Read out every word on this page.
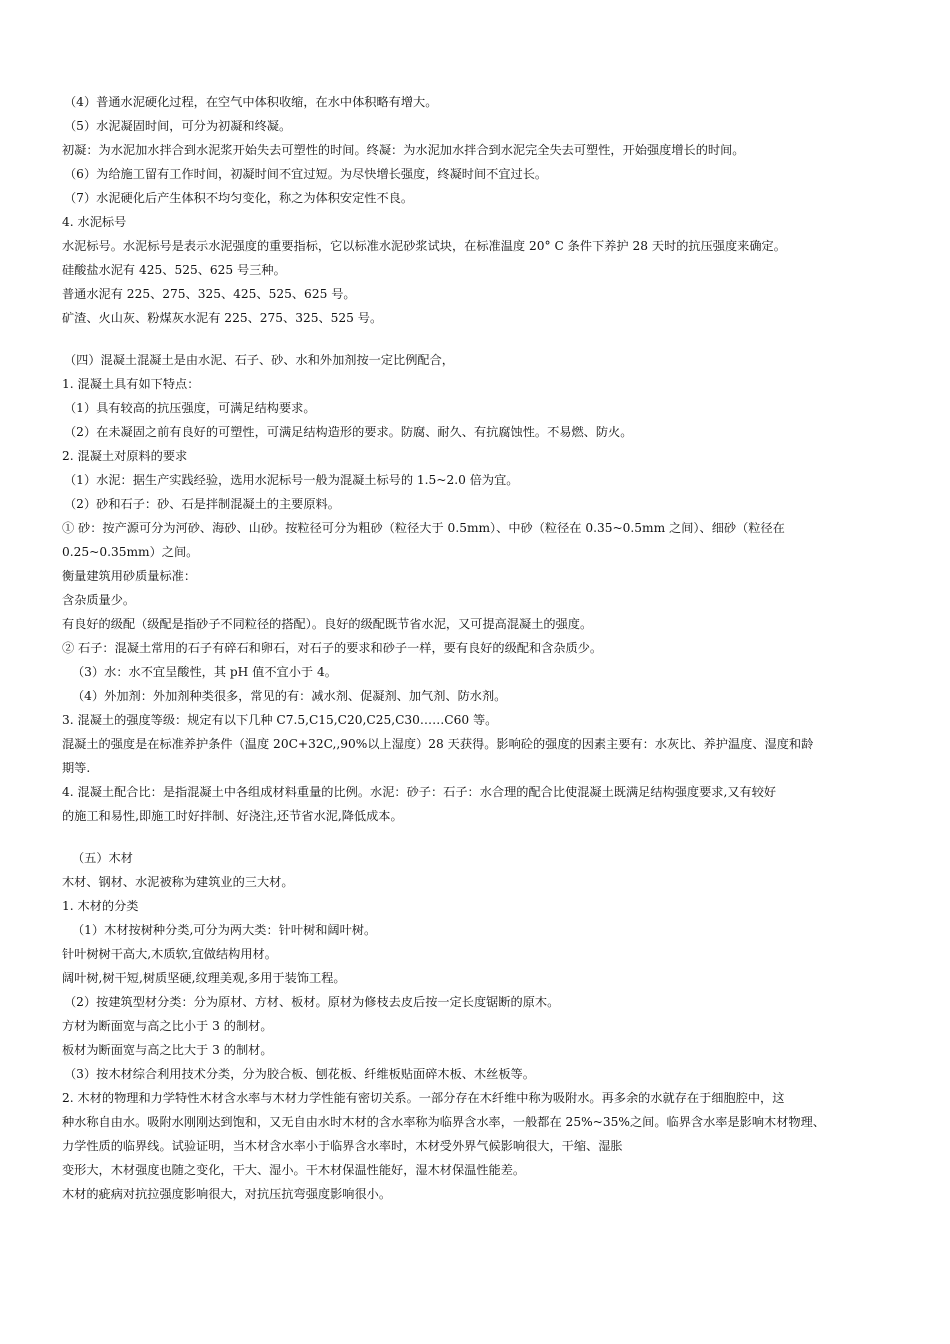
（4）普通水泥硬化过程，在空气中体积收缩，在水中体积略有增大。
（5）水泥凝固时间，可分为初凝和终凝。
初凝：为水泥加水拌合到水泥浆开始失去可塑性的时间。终凝：为水泥加水拌合到水泥完全失去可塑性，开始强度增长的时间。
（6）为给施工留有工作时间，初凝时间不宜过短。为尽快增长强度，终凝时间不宜过长。
（7）水泥硬化后产生体积不均匀变化，称之为体积安定性不良。
4. 水泥标号
水泥标号。水泥标号是表示水泥强度的重要指标，它以标准水泥砂浆试块，在标准温度 20° C 条件下养护 28 天时的抗压强度来确定。
硅酸盐水泥有 425、525、625 号三种。
普通水泥有 225、275、325、425、525、625 号。
矿渣、火山灰、粉煤灰水泥有 225、275、325、525 号。
（四）混凝土混凝土是由水泥、石子、砂、水和外加剂按一定比例配合，
1. 混凝土具有如下特点：
（1）具有较高的抗压强度，可满足结构要求。
（2）在未凝固之前有良好的可塑性，可满足结构造形的要求。防腐、耐久、有抗腐蚀性。不易燃、防火。
2. 混凝土对原料的要求
（1）水泥：据生产实践经验，选用水泥标号一般为混凝土标号的 1.5~2.0 倍为宜。
（2）砂和石子：砂、石是拌制混凝土的主要原料。
① 砂：按产源可分为河砂、海砂、山砂。按粒径可分为粗砂（粒径大于 0.5mm）、中砂（粒径在 0.35~0.5mm 之间）、细砂（粒径在
0.25~0.35mm）之间。
衡量建筑用砂质量标准：
含杂质量少。
有良好的级配（级配是指砂子不同粒径的搭配）。良好的级配既节省水泥，又可提高混凝土的强度。
② 石子：混凝土常用的石子有碎石和卵石，对石子的要求和砂子一样，要有良好的级配和含杂质少。
（3）水：水不宜呈酸性，其 pH 值不宜小于 4。
（4）外加剂：外加剂种类很多，常见的有：减水剂、促凝剂、加气剂、防水剂。
3. 混凝土的强度等级：规定有以下几种 C7.5,C15,C20,C25,C30……C60 等。
混凝土的强度是在标准养护条件（温度 20C+32C,,90%以上湿度）28 天获得。影响砼的强度的因素主要有：水灰比、养护温度、湿度和龄
期等.
4. 混凝土配合比：是指混凝土中各组成材料重量的比例。水泥：砂子：石子：水合理的配合比使混凝土既满足结构强度要求,又有较好
的施工和易性,即施工时好拌制、好浇注,还节省水泥,降低成本。
（五）木材
木材、钢材、水泥被称为建筑业的三大材。
1. 木材的分类
（1）木材按树种分类,可分为两大类：针叶树和阔叶树。
针叶树树干高大,木质软,宜做结构用材。
阔叶树,树干短,树质坚硬,纹理美观,多用于装饰工程。
（2）按建筑型材分类：分为原材、方材、板材。原材为修枝去皮后按一定长度锯断的原木。
方材为断面宽与高之比小于 3 的制材。
板材为断面宽与高之比大于 3 的制材。
（3）按木材综合利用技术分类，分为胶合板、刨花板、纤维板贴面碎木板、木丝板等。
2. 木材的物理和力学特性木材含水率与木材力学性能有密切关系。一部分存在木纤维中称为吸附水。再多余的水就存在于细胞腔中，这
种水称自由水。吸附水刚刚达到饱和，又无自由水时木材的含水率称为临界含水率，一般都在 25%~35%之间。临界含水率是影响木材物理、
力学性质的临界线。试验证明，当木材含水率小于临界含水率时，木材受外界气候影响很大，干缩、湿胀
变形大，木材强度也随之变化，干大、湿小。干木材保温性能好，湿木材保温性能差。
木材的疵病对抗拉强度影响很大，对抗压抗弯强度影响很小。
